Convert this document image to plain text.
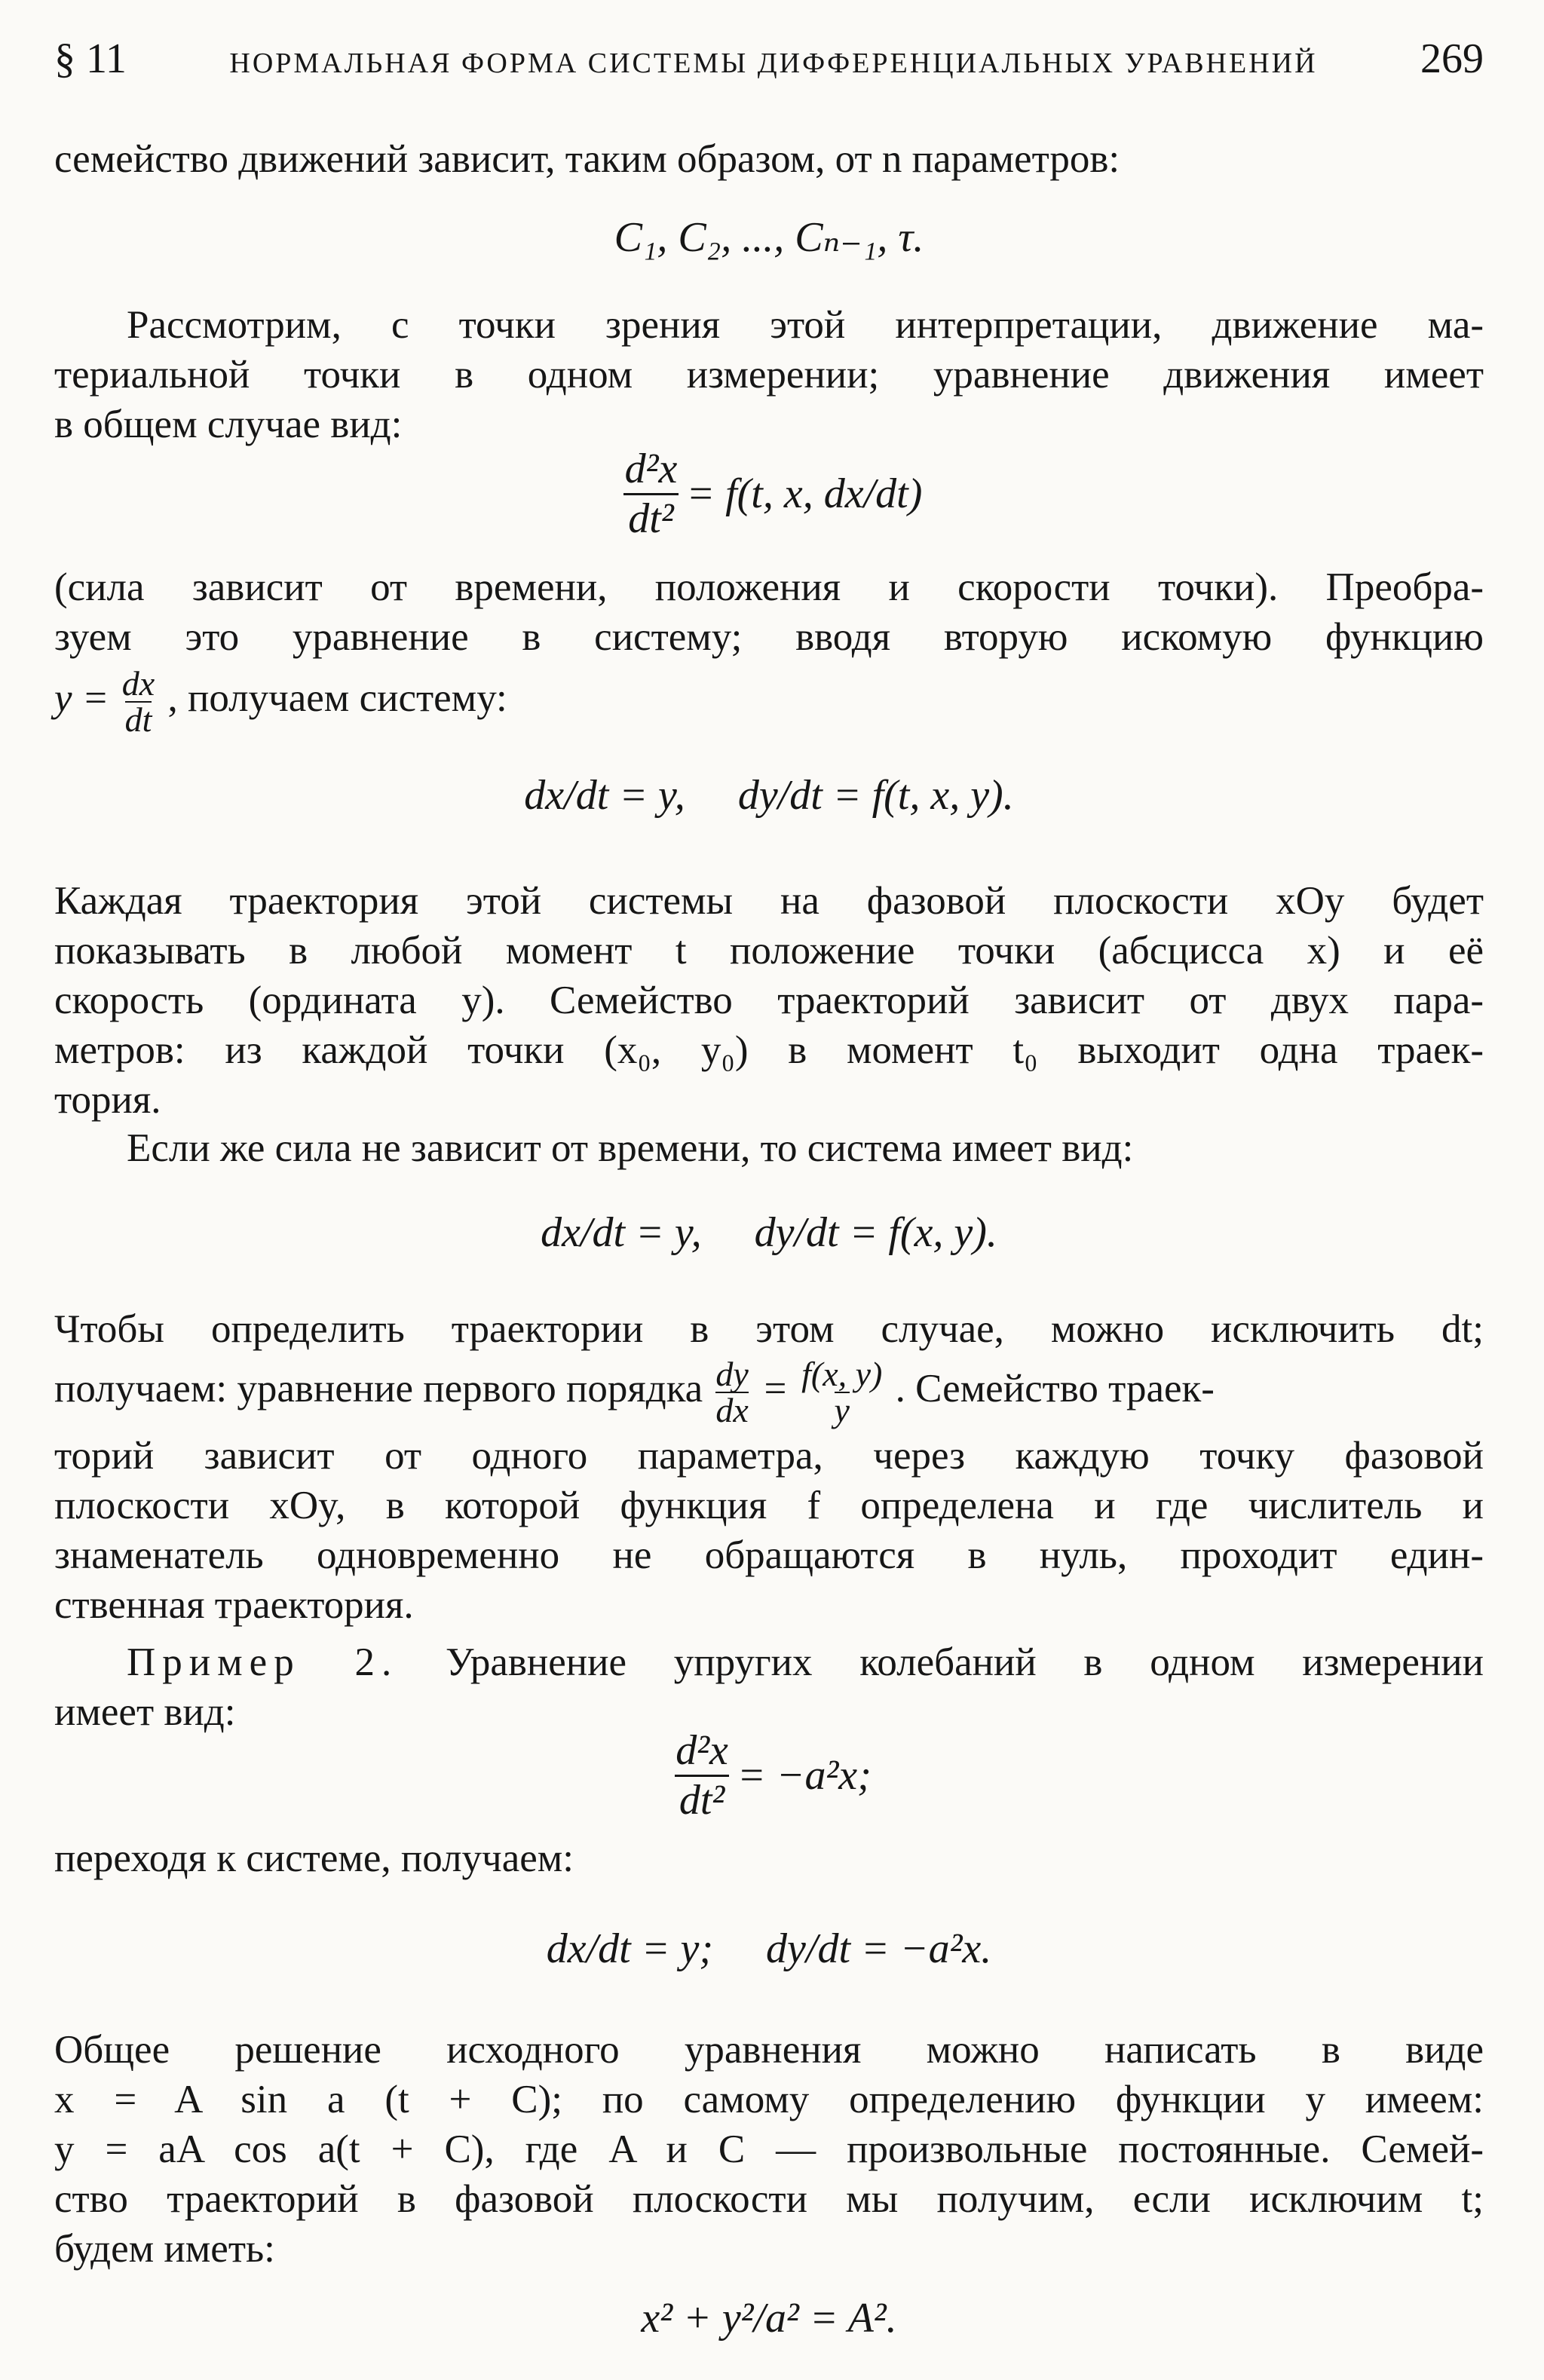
§ 11	НОРМАЛЬНАЯ ФОРМА СИСТЕМЫ ДИФФЕРЕНЦИАЛЬНЫХ УРАВНЕНИЙ 269

семейство движений зависит, таким образом, от n параметров:

C₁, C₂, ..., Cₙ₋₁, τ.

Рассмотрим, с точки зрения этой интерпретации, движение ма-
териальной точки в одном измерении; уравнение движения имеет
в общем случае вид:

$\frac{\text{d²x}}{\text{dt²}} = f(t$, x, dx/dt)

(сила зависит от времени, положения и скорости точки). Преобра-
зуем это уравнение в систему; вводя вторую искомую функцию
$y = \frac{dx}{dt}$ , получаем систему:

dx/dt = y, dy/dt = f(t, x, y).

Каждая траектория этой системы на фазовой плоскости xOy будет
показывать в любой момент t положение точки (абсцисса x) и её
скорость (ордината y). Семейство траекторий зависит от двух пара-
метров: из каждой точки (x₀, y₀) в момент t₀ выходит одна траек-
тория.

Если же сила не зависит от времени, то система имеет вид:

dx/dt = y, dy/dt = f(x, y).

Чтобы определить траектории в этом случае, можно исключить dt;
получаем: уравнение первого порядка $\frac{dy}{dx} = \frac{f(x, y)}{y}$ . Семейство траек-
торий зависит от одного параметра, через каждую точку фазовой
плоскости xOy, в которой функция f определена и где числитель и
знаменатель одновременно не обращаются в нуль, проходит един-
ственная траектория.

Пример 2. Уравнение упругих колебаний в одном измерении
имеет вид:

$\frac{\text{d²x}}{\text{dt²}} = -a^2x$;

переходя к системе, получаем:

dx/dt = y; dy/dt = −a²x.

Общее решение исходного уравнения можно написать в виде
x = A sin a (t + C); по самому определению функции y имеем:
y = aA cos a(t + C), где A и C — произвольные постоянные. Семей-
ство траекторий в фазовой плоскости мы получим, если исключим t;
будем иметь:

x² + y²/a² = A².
